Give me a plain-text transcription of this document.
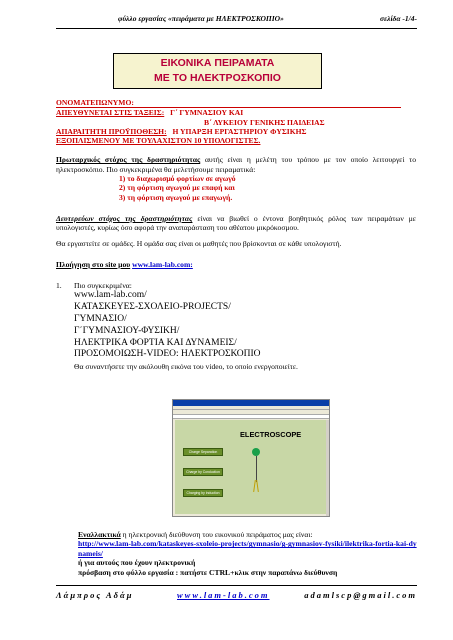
φύλλο εργασίας «πειράματα με ΗΛΕΚΤΡΟΣΚΟΠΙΟ»	σελίδα -1/4-
ΕΙΚΟΝΙΚΑ ΠΕΙΡΑΜΑΤΑ
ΜΕ ΤΟ ΗΛΕΚΤΡΟΣΚΟΠΙΟ
ΟΝΟΜΑΤΕΠΩΝΥΜΟ:
ΑΠΕΥΘΥΝΕΤΑΙ ΣΤΙΣ ΤΑΞΕΙΣ: Γ΄ ΓΥΜΝΑΣΙΟΥ ΚΑΙ
Β΄ ΛΥΚΕΙΟΥ ΓΕΝΙΚΗΣ ΠΑΙΔΕΙΑΣ
ΑΠΑΡΑΙΤΗΤΗ ΠΡΟΫΠΟΘΕΣΗ: Η ΥΠΑΡΞΗ ΕΡΓΑΣΤΗΡΙΟΥ ΦΥΣΙΚΗΣ
ΕΞΟΠΛΙΣΜΕΝΟΥ ΜΕ ΤΟΥΛΑΧΙΣΤΟΝ 10 ΥΠΟΛΟΓΙΣΤΕΣ.
Πρωταρχικός στόχος της δραστηριότητας αυτής είναι η μελέτη του τρόπου με τον οποίο λειτουργεί το ηλεκτροσκόπιο. Πιο συγκεκριμένα θα μελετήσουμε πειραματικά:
1) το διαχωρισμό φορτίων σε αγωγό
2) τη φόρτιση αγωγού με επαφή και
3) τη φόρτιση αγωγού με επαγωγή.
Δευτερεύων στόχος της δραστηριότητας είναι να βιωθεί ο έντονα βοηθητικός ρόλος των πειραμάτων με υπολογιστές, κυρίως όσο αφορά την αναπαράσταση του αθέατου μικρόκοσμου.
Θα εργαστείτε σε ομάδες. Η ομάδα σας είναι οι μαθητές που βρίσκονται σε κάθε υπολογιστή.
Πλοήγηση στο site μου www.lam-lab.com:
1. Πιο συγκεκριμένα:
www.lam-lab.com/
ΚΑΤΑΣΚΕΥΕΣ-ΣΧΟΛΕΙΟ-PROJECTS/
ΓΥΜΝΑΣΙΟ/
Γ΄ΓΥΜΝΑΣΙΟΥ-ΦΥΣΙΚΗ/
ΗΛΕΚΤΡΙΚΑ ΦΟΡΤΙΑ ΚΑΙ ΔΥΝΑΜΕΙΣ/
ΠΡΟΣΟΜΟΙΩΣΗ-VIDEO: ΗΛΕΚΤΡΟΣΚΟΠΙΟ
Θα συναντήσετε την ακόλουθη εικόνα του video, το οποίο ενεργοποιείτε.
ELECTROSCOPE
Charge Separation
Charge by Conduction
Charging by Induction
Εναλλακτικά η ηλεκτρονική διεύθυνση του εικονικού πειράματος μας είναι:
http://www.lam-lab.com/kataskeyes-sxoleio-projects/gymnasio/g-gymnasiov-fysiki/ilektrika-fortia-kai-dynameis/
ή για αυτούς που έχουν ηλεκτρονική
πρόσβαση στο φύλλο εργασία : πατήστε CTRL+κλικ στην παραπάνω διεύθυνση
Λάμπρος Αδάμ	www.lam-lab.com	adamlscp@gmail.com
